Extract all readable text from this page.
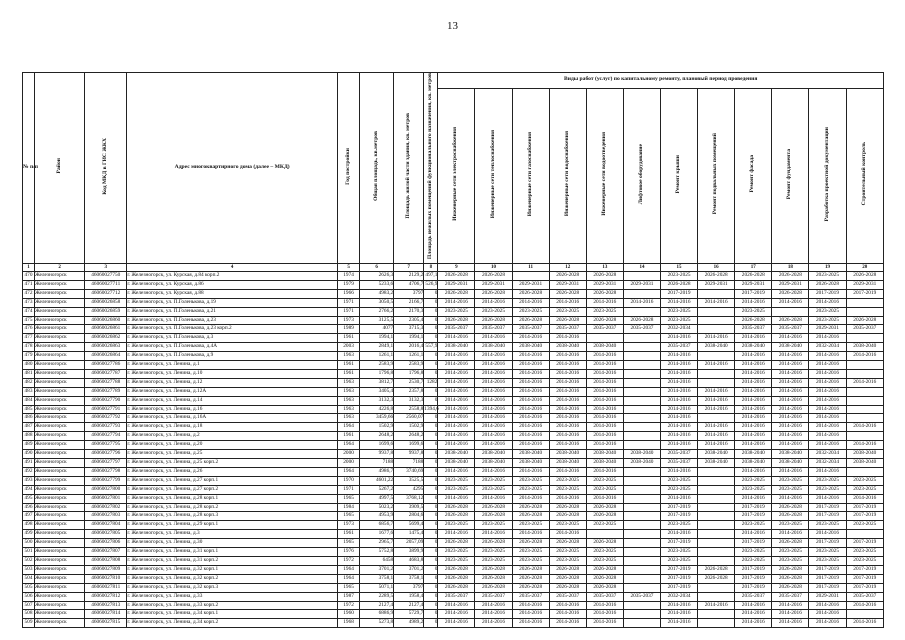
13
№ п/п	Район	Код МКД в ГИС ЖКХ	Адрес многоквартирного дома (далее – МКД)	Год постройки	Общая площадь, кв.метров	Площадь жилой части здания, кв. метров	Площадь нежилых помещений функционального назначения, кв. метров	Виды работ (услуг) по капитальному ремонту, плановый период проведения											
								Инженерные сети электроснабжения	Инженерные сети теплоснабжения	Инженерные сети газоснабжения	Инженерные сети водоснабжения	Инженерные сети водоотведения	Лифтовое оборудование	Ремонт крыши	Ремонт подвальных помещений	Ремонт фасада	Ремонт фундамента	Разработка проектной документации	Строительный контроль
1	2	3	4	5	6	7	8	9	10	11	12	13	14	15	16	17	18	19	20
470	Железногорск	46060027750	г. Железногорск, ул. Курская, д.84 корп.2	1974	2626,3	2129,2	497,1	2026-2028	2026-2028		2026-2028	2026-2028		2023-2025	2026-2028	2026-2028	2026-2028	2023-2025	2026-2028
471	Железногорск	46060027711	г. Железногорск, ул. Курская, д.86	1979	5233,6	4706,7	526,9	2029-2031	2029-2031	2029-2031	2029-2031	2029-2031	2029-2031	2026-2028	2029-2031	2029-2031	2029-2031	2026-2028	2029-2031
472	Железногорск	46060027712	г. Железногорск, ул. Курская, д.88	1966	4983,2	3797	0	2026-2028	2026-2028	2026-2028	2026-2028	2026-2028		2017-2019		2017-2019	2026-2028	2017-2019	2017-2019
473	Железногорск	46060026858	г. Железногорск, ул. П.Голенькова, д.19	1971	3050,5	2166,7	0	2014-2016	2014-2016	2014-2016	2014-2016	2014-2016	2014-2016	2014-2016	2014-2016	2014-2016	2014-2016	2014-2016	
474	Железногорск	46060026859	г. Железногорск, ул. П.Голенькова, д.21	1971	2766,2	2170,3	0	2023-2025	2023-2025	2023-2025	2023-2025	2023-2025		2023-2025		2023-2025		2023-2025	
475	Железногорск	46060026860	г. Железногорск, ул. П.Голенькова, д.23	1973	3125,5	2305,4	0	2026-2028	2026-2028	2026-2028	2026-2028	2026-2028	2026-2028	2023-2025		2026-2028	2026-2028	2023-2025	2026-2028
476	Железногорск	46060026861	г. Железногорск, ул. П.Голенькова, д.23 корп.2	1989	4077	3715,3	0	2035-2037	2035-2037	2035-2037	2035-2037	2035-2037	2035-2037	2032-2034		2035-2037	2035-2037	2029-2031	2035-2037
477	Железногорск	46060026862	г. Железногорск, ул. П.Голенькова, д.3	1961	1994,1	1994,1	0	2014-2016	2014-2016	2014-2016	2014-2016			2014-2016	2014-2016	2014-2016	2014-2016	2014-2016	
478	Железногорск	46060026863	г. Железногорск, ул. П.Голенькова, д.4А	2003	2849,1	2016,4	557,9	2038-2040	2038-2040	2038-2040	2038-2040	2038-2040		2035-2037	2038-2040	2038-2040	2038-2040	2032-2034	2038-2040
479	Железногорск	46060026864	г. Железногорск, ул. П.Голенькова, д.9	1963	1261,1	1261,1	0	2014-2016	2014-2016	2014-2016	2014-2016	2014-2016		2014-2016		2014-2016	2014-2016	2014-2016	2014-2016
480	Железногорск	46060027786	г. Железногорск, ул. Ленина, д.1	1961	2583,9	2583,9	0	2014-2016	2014-2016	2014-2016	2014-2016	2014-2016		2014-2016	2014-2016	2014-2016	2014-2016	2014-2016	
481	Железногорск	46060027787	г. Железногорск, ул. Ленина, д.10	1961	1796,8	1796,8	0	2014-2016	2014-2016	2014-2016	2014-2016	2014-2016		2014-2016		2014-2016	2014-2016	2014-2016	
482	Железногорск	46060027788	г. Железногорск, ул. Ленина, д.12	1963	3812,7	2530,7	1282	2014-2016	2014-2016	2014-2016	2014-2016	2014-2016		2014-2016		2014-2016	2014-2016	2014-2016	2014-2016
483	Железногорск	46060027789	г. Железногорск, ул. Ленина, д.12А	1963	3405,4	2357,8	0	2014-2016	2014-2016	2014-2016	2014-2016	2014-2016		2014-2016	2014-2016	2014-2016	2014-2016	2014-2016	
484	Железногорск	46060027790	г. Железногорск, ул. Ленина, д.14	1963	3132,3	3132,3	0	2014-2016	2014-2016	2014-2016	2014-2016	2014-2016		2014-2016	2014-2016	2014-2016	2014-2016	2014-2016	
485	Железногорск	46060027791	г. Железногорск, ул. Ленина, д.16	1963	4226,8	2558,8	1394,6	2014-2016	2014-2016	2014-2016	2014-2016	2014-2016		2014-2016	2014-2016	2014-2016	2014-2016	2014-2016	
486	Железногорск	46060027792	г. Железногорск, ул. Ленина, д.16А	1963	3459,66	2560,07	0	2014-2016	2014-2016	2014-2016	2014-2016	2014-2016		2014-2016		2014-2016	2014-2016	2014-2016	
487	Железногорск	46060027793	г. Железногорск, ул. Ленина, д.18	1964	1502,9	1502,9	0	2014-2016	2014-2016	2014-2016	2014-2016	2014-2016		2014-2016	2014-2016	2014-2016	2014-2016	2014-2016	2014-2016
488	Железногорск	46060027794	г. Железногорск, ул. Ленина, д.2	1961	2648,2	2648,2	0	2014-2016	2014-2016	2014-2016	2014-2016	2014-2016		2014-2016	2014-2016	2014-2016	2014-2016	2014-2016	
489	Железногорск	46060027795	г. Железногорск, ул. Ленина, д.20	1964	1699,6	1699,6	0	2014-2016	2014-2016	2014-2016	2014-2016	2014-2016		2014-2016	2014-2016	2014-2016	2014-2016	2014-2016	2014-2016
490	Железногорск	46060027796	г. Железногорск, ул. Ленина, д.25	2000	9937,8	9937,8	0	2038-2040	2038-2040	2038-2040	2038-2040	2038-2040	2038-2040	2035-2037	2038-2040	2038-2040	2038-2040	2032-2034	2038-2040
491	Железногорск	46060027797	г. Железногорск, ул. Ленина, д.25 корп.2	2000	7188	7188	0	2038-2040	2038-2040	2038-2040	2038-2040	2038-2040	2038-2040	2035-2037	2038-2040	2038-2040	2038-2040	2032-2034	2038-2040
492	Железногорск	46060027798	г. Железногорск, ул. Ленина, д.26	1964	4986,7	3740,69	0	2014-2016	2014-2016	2014-2016	2014-2016	2014-2016		2014-2016		2014-2016	2014-2016	2014-2016	
493	Железногорск	46060027799	г. Железногорск, ул. Ленина, д.27 корп.1	1970	4601,22	3525,5	0	2023-2025	2023-2025	2023-2025	2023-2025	2023-2025		2023-2025		2023-2025	2023-2025	2023-2025	2023-2025
494	Железногорск	46060027800	г. Железногорск, ул. Ленина, д.27 корп.2	1971	5267,2	4295	0	2023-2025	2023-2025	2023-2025	2023-2025	2023-2025		2023-2025		2023-2025	2023-2025	2023-2025	2023-2025
495	Железногорск	46060027801	г. Железногорск, ул. Ленина, д.28 корп.1	1965	4997,5	3768,12	0	2014-2016	2014-2016	2014-2016	2014-2016	2014-2016		2014-2016		2014-2016	2014-2016	2014-2016	2014-2016
496	Железногорск	46060027802	г. Железногорск, ул. Ленина, д.28 корп.2	1984	5023,2	3909,5	0	2026-2028	2026-2028	2026-2028	2026-2028	2026-2028		2017-2019		2017-2019	2026-2028	2017-2019	2017-2019
497	Железногорск	46060027803	г. Железногорск, ул. Ленина, д.28 корп.3	1965	4953,9	2804,6	0	2026-2028	2026-2028	2026-2028	2026-2028	2026-2028		2017-2019		2017-2019	2026-2028	2017-2019	2017-2019
498	Железногорск	46060027804	г. Железногорск, ул. Ленина, д.29 корп.1	1973	6856,7	5699,4	0	2023-2025	2023-2025	2023-2025	2023-2025	2023-2025		2023-2025		2023-2025	2023-2025	2023-2025	2023-2025
499	Железногорск	46060027805	г. Железногорск, ул. Ленина, д.3	1961	1677,6	1475,4	0	2014-2016	2014-2016	2014-2016	2014-2016			2014-2016		2014-2016	2014-2016	2014-2016	
500	Железногорск	46060027806	г. Железногорск, ул. Ленина, д.30	1965	2965,7	2057,09	0	2026-2028	2026-2028	2026-2028	2026-2028	2026-2028		2017-2019		2017-2019	2026-2028	2017-2019	2017-2019
501	Железногорск	46060027807	г. Железногорск, ул. Ленина, д.31 корп.1	1976	5752,8	3899,9	0	2023-2025	2023-2025	2023-2025	2023-2025	2023-2025		2023-2025		2023-2025	2023-2025	2023-2025	2023-2025
502	Железногорск	46060027808	г. Железногорск, ул. Ленина, д.31 корп.2	1972	6458	4683,8	0	2023-2025	2023-2025	2023-2025	2023-2025	2023-2025		2023-2025		2023-2025	2023-2025	2023-2025	2023-2025
503	Железногорск	46060027809	г. Железногорск, ул. Ленина, д.32 корп.1	1964	3701,2	3701,2	0	2026-2028	2026-2028	2026-2028	2026-2028	2026-2028		2017-2019	2026-2028	2017-2019	2026-2028	2017-2019	2017-2019
504	Железногорск	46060027810	г. Железногорск, ул. Ленина, д.32 корп.2	1964	3758,1	3758,1	0	2026-2028	2026-2028	2026-2028	2026-2028	2026-2028		2017-2019	2026-2028	2017-2019	2026-2028	2017-2019	2017-2019
505	Железногорск	46060027811	г. Железногорск, ул. Ленина, д.32 корп.3	1965	5071,1	3797	0	2026-2028	2026-2028	2026-2028	2026-2028	2026-2028		2017-2019		2017-2019	2026-2028	2017-2019	2017-2019
506	Железногорск	46060027812	г. Железногорск, ул. Ленина, д.33	1987	2289,5	1958,4	0	2035-2037	2035-2037	2035-2037	2035-2037	2035-2037	2035-2037	2032-2034		2035-2037	2035-2037	2029-2031	2035-2037
507	Железногорск	46060027813	г. Железногорск, ул. Ленина, д.33 корп.2	1972	2127,4	2127,4	0	2014-2016	2014-2016	2014-2016	2014-2016	2014-2016		2014-2016	2014-2016	2014-2016	2014-2016	2014-2016	2014-2016
508	Железногорск	46060027814	г. Железногорск, ул. Ленина, д.34 корп.1	1960	6886,9	5729,7	0	2014-2016	2014-2016	2014-2016	2014-2016	2014-2016		2014-2016		2014-2016	2014-2016	2014-2016	
509	Железногорск	46060027815	г. Железногорск, ул. Ленина, д.34 корп.2	1968	5273,8	4989,2	0	2014-2016	2014-2016	2014-2016	2014-2016	2014-2016		2014-2016		2014-2016	2014-2016	2014-2016	2014-2016
